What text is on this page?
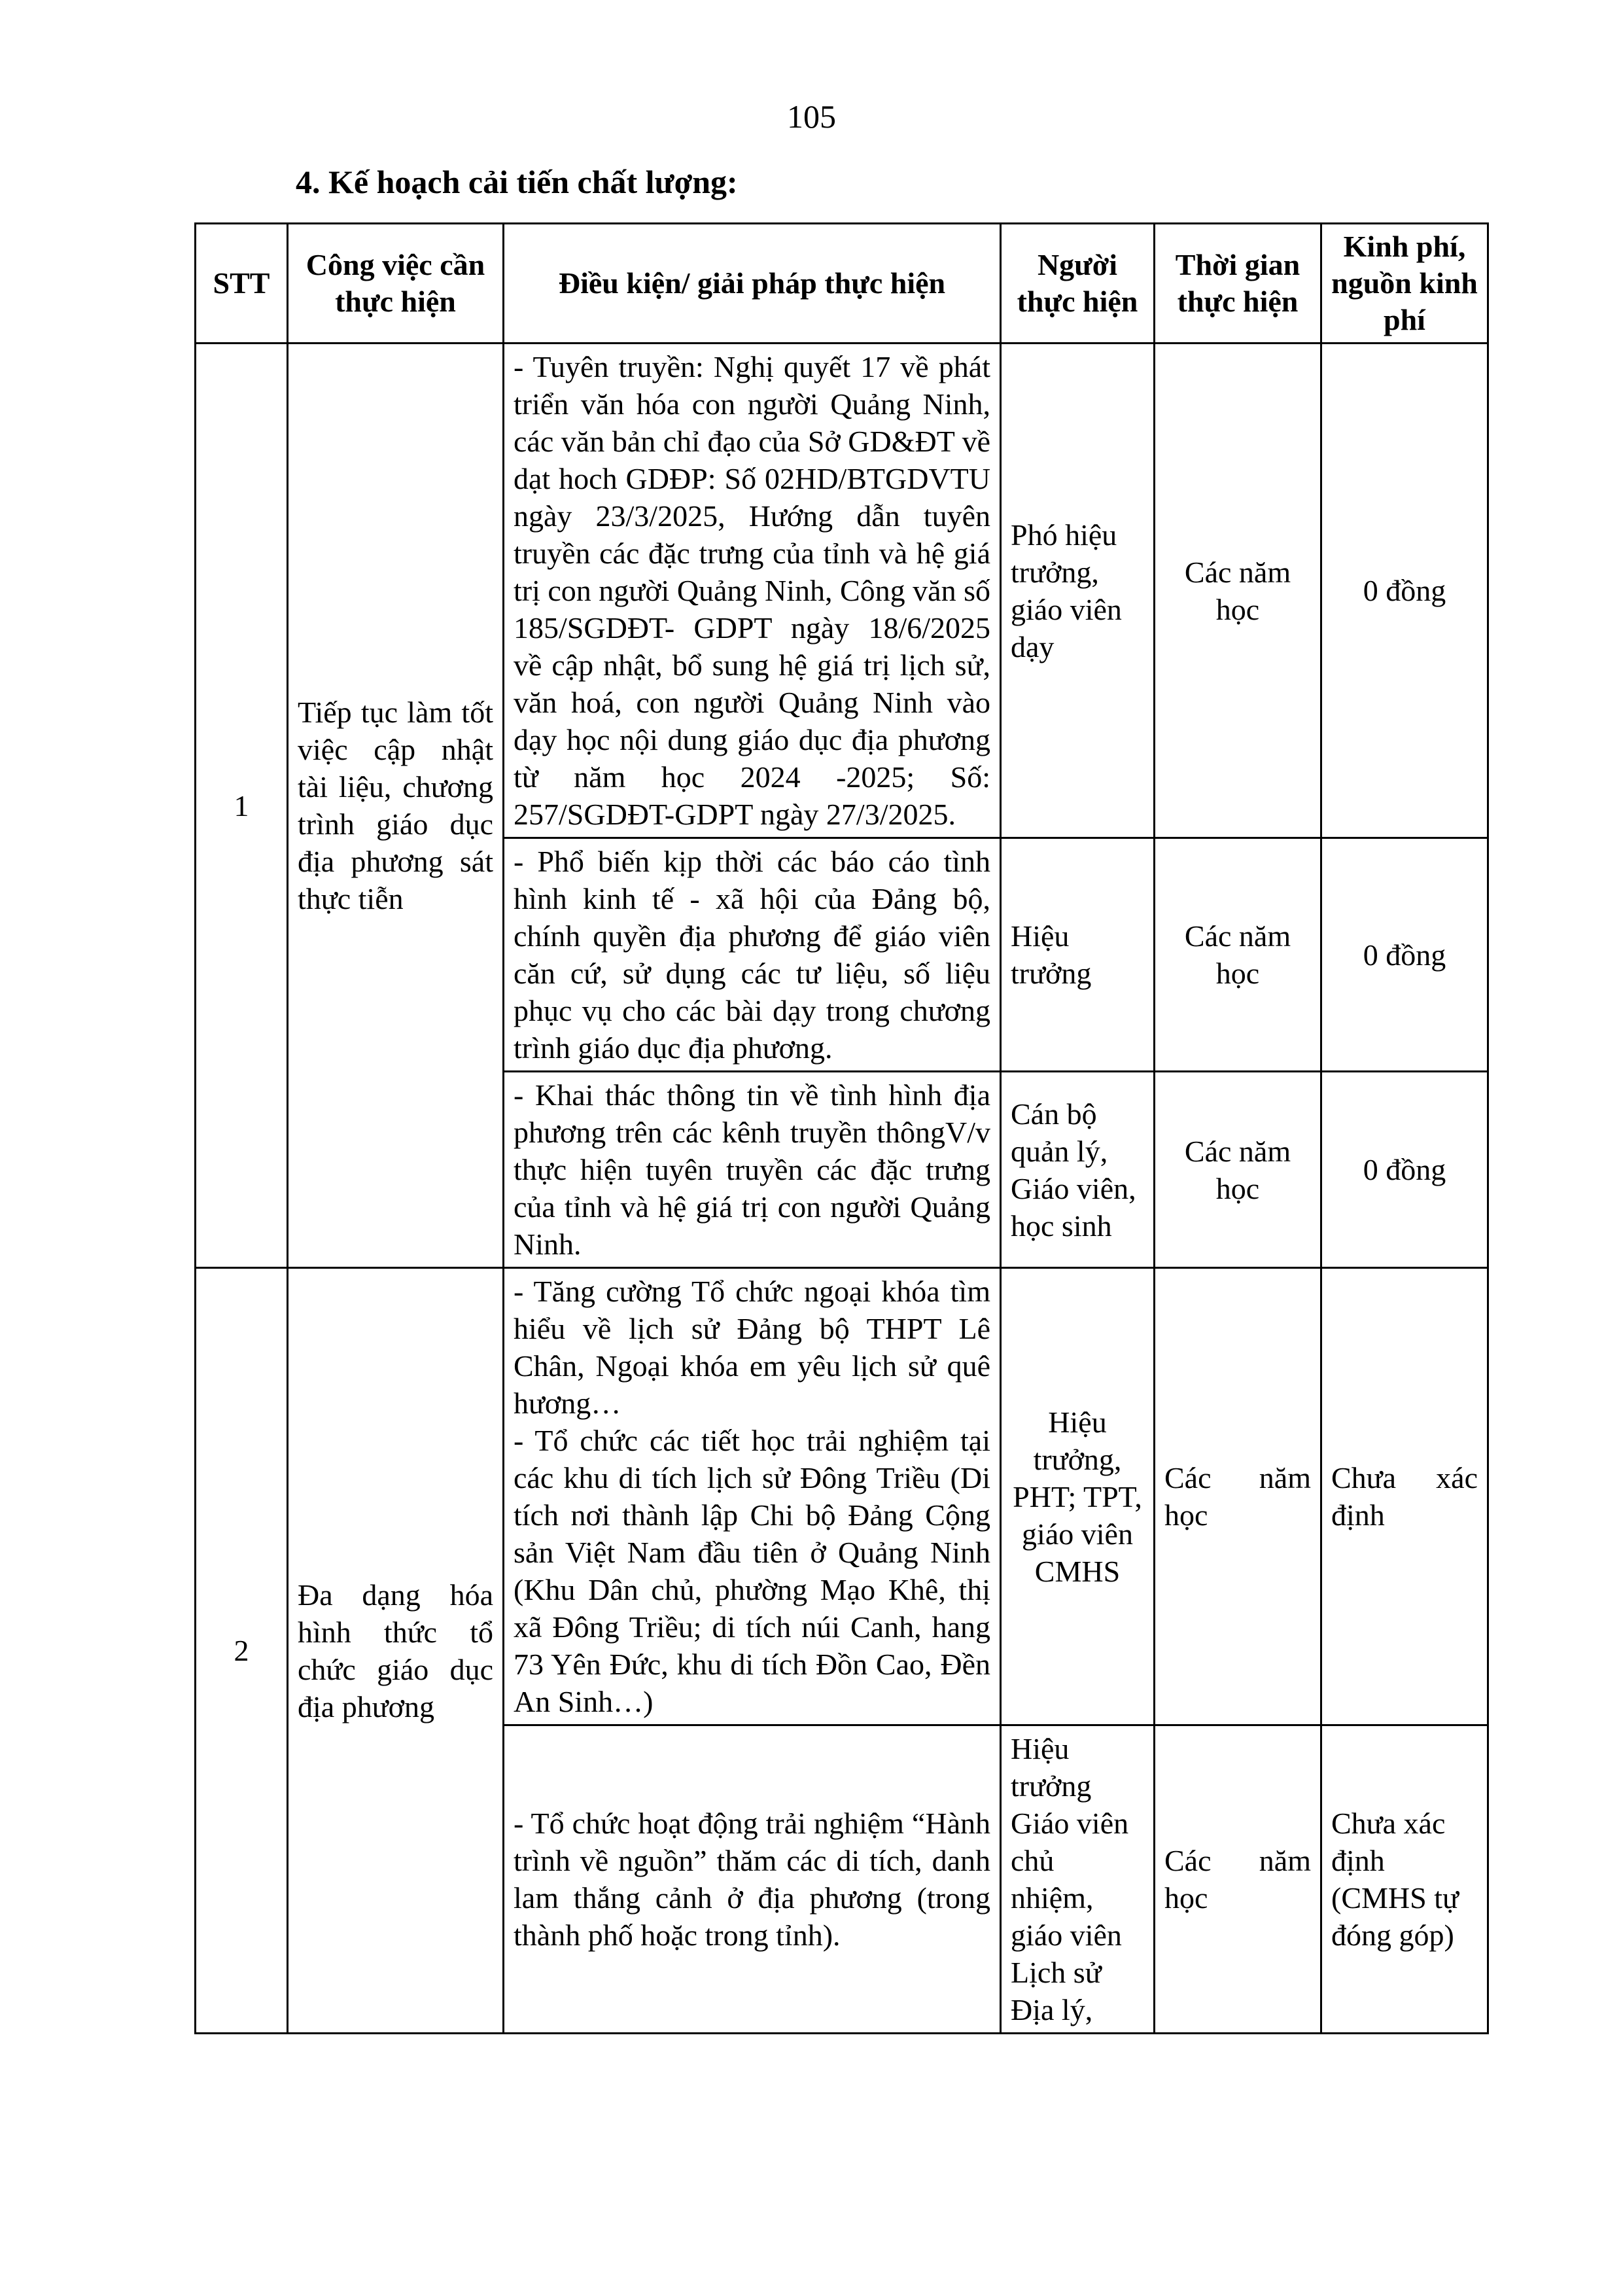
105
4. Kế hoạch cải tiến chất lượng:
STT	Công việc cần thực hiện	Điều kiện/ giải pháp thực hiện	Người thực hiện	Thời gian thực hiện	Kinh phí, nguồn kinh phí
1	Tiếp tục làm tốt việc cập nhật tài liệu, chương trình giáo dục địa phương sát thực tiễn	- Tuyên truyền: Nghị quyết 17 về phát triển văn hóa con người Quảng Ninh, các văn bản chỉ đạo của Sở GD&ĐT về dạt hoch GDĐP: Số 02HD/BTGDVTU ngày 23/3/2025, Hướng dẫn tuyên truyền các đặc trưng của tỉnh và hệ giá trị con người Quảng Ninh, Công văn số 185/SGDĐT- GDPT ngày 18/6/2025 về cập nhật, bổ sung hệ giá trị lịch sử, văn hoá, con người Quảng Ninh vào dạy học nội dung giáo dục địa phương từ năm học 2024 -2025; Số: 257/SGDĐT-GDPT ngày 27/3/2025.	Phó hiệu trưởng, giáo viên dạy	Các năm học	0 đồng
		- Phổ biến kịp thời các báo cáo tình hình kinh tế - xã hội của Đảng bộ, chính quyền địa phương để giáo viên căn cứ, sử dụng các tư liệu, số liệu phục vụ cho các bài dạy trong chương trình giáo dục địa phương.	Hiệu trưởng	Các năm học	0 đồng
		- Khai thác thông tin về tình hình địa phương trên các kênh truyền thôngV/v thực hiện tuyên truyền các đặc trưng của tỉnh và hệ giá trị con người Quảng Ninh.	Cán bộ quản lý, Giáo viên, học sinh	Các năm học	0 đồng
2	Đa dạng hóa hình thức tổ chức giáo dục địa phương	- Tăng cường Tổ chức ngoại khóa tìm hiểu về lịch sử Đảng bộ THPT Lê Chân, Ngoại khóa em yêu lịch sử quê hương…
- Tổ chức các tiết học trải nghiệm tại các khu di tích lịch sử Đông Triều (Di tích nơi thành lập Chi bộ Đảng Cộng sản Việt Nam đầu tiên ở Quảng Ninh (Khu Dân chủ, phường Mạo Khê, thị xã Đông Triều; di tích núi Canh, hang 73 Yên Đức, khu di tích Đồn Cao, Đền An Sinh…)	Hiệu trưởng, PHT; TPT, giáo viên CMHS	Các năm học	Chưa xác định
		- Tổ chức hoạt động trải nghiệm “Hành trình về nguồn” thăm các di tích, danh lam thắng cảnh ở địa phương (trong thành phố hoặc trong tỉnh).	Hiệu trưởng Giáo viên chủ nhiệm, giáo viên Lịch sử Địa lý,	Các năm học	Chưa xác định (CMHS tự đóng góp)
